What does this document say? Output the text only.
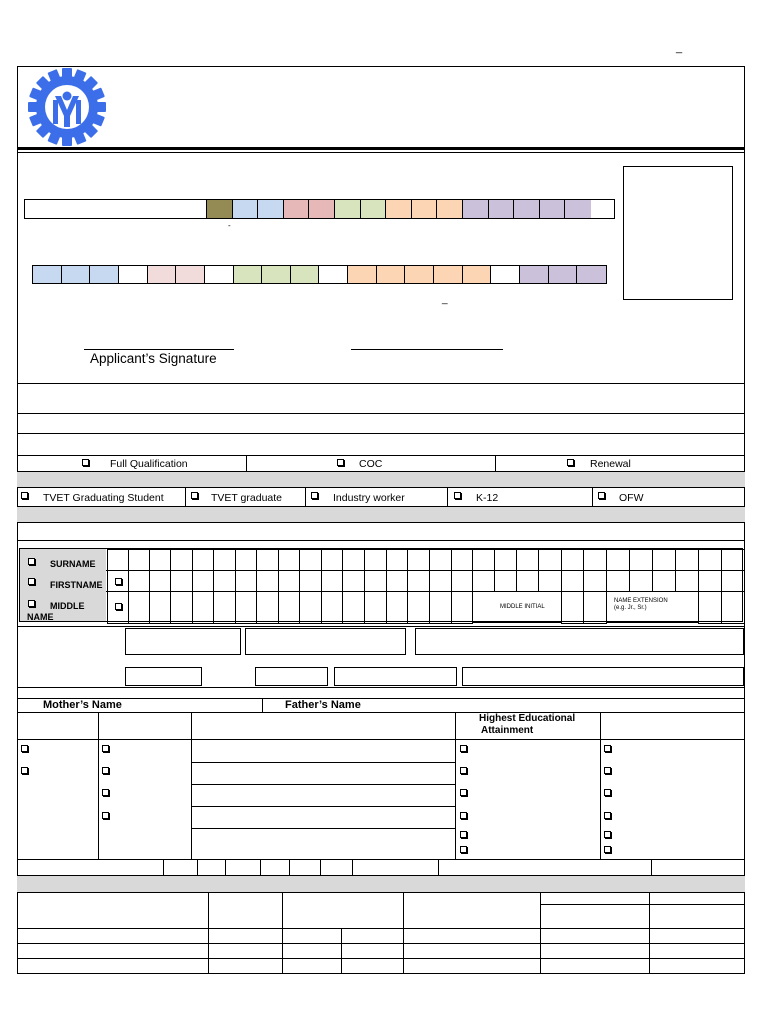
_
-
_
Applicant’s Signature
Full Qualification	COC	Renewal
TVET Graduating Student	TVET graduate	Industry worker	K-12	OFW
SURNAME
FIRSTNAME
MIDDLE
NAME
MIDDLE INITIAL
NAME EXTENSION
(e.g. Jr., Sr.)
Mother’s Name	Father’s Name
Highest Educational
Attainment
